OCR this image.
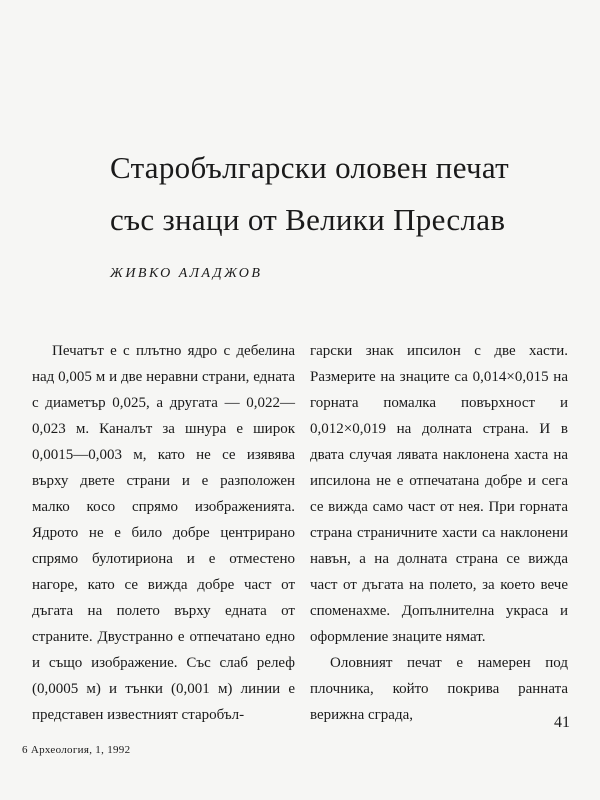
Старобългарски оловен печат
със знаци от Велики Преслав
ЖИВКО АЛАДЖОВ

Печатът е с плътно ядро с дебелина над 0,005 м и две неравни страни, едната с диаметър 0,025, а другата — 0,022—0,023 м. Каналът за шнура е широк 0,0015—0,003 м, като не се изявява върху двете страни и е разположен малко косо спрямо изображенията. Ядрото не е било добре центрирано спрямо булотириона и е отместено нагоре, като се вижда добре част от дъгата на полето върху едната от страните. Двустранно е отпечатано едно и също изображение. Със слаб релеф (0,0005 м) и тънки (0,001 м) линии е представен известният старобъл-

гарски знак ипсилон с две хасти. Размерите на знаците са 0,014×0,015 на горната помалка повърхност и 0,012×0,019 на долната страна. И в двата случая лявата наклонена хаста на ипсилона не е отпечатана добре и сега се вижда само част от нея. При горната страна страничните хасти са наклонени навън, а на долната страна се вижда част от дъгата на полето, за което вече споменахме. Допълнителна украса и оформление знаците нямат.

Оловният печат е намерен под плочника, който покрива ранната верижна сграда,	41
6 Археология, 1, 1992
